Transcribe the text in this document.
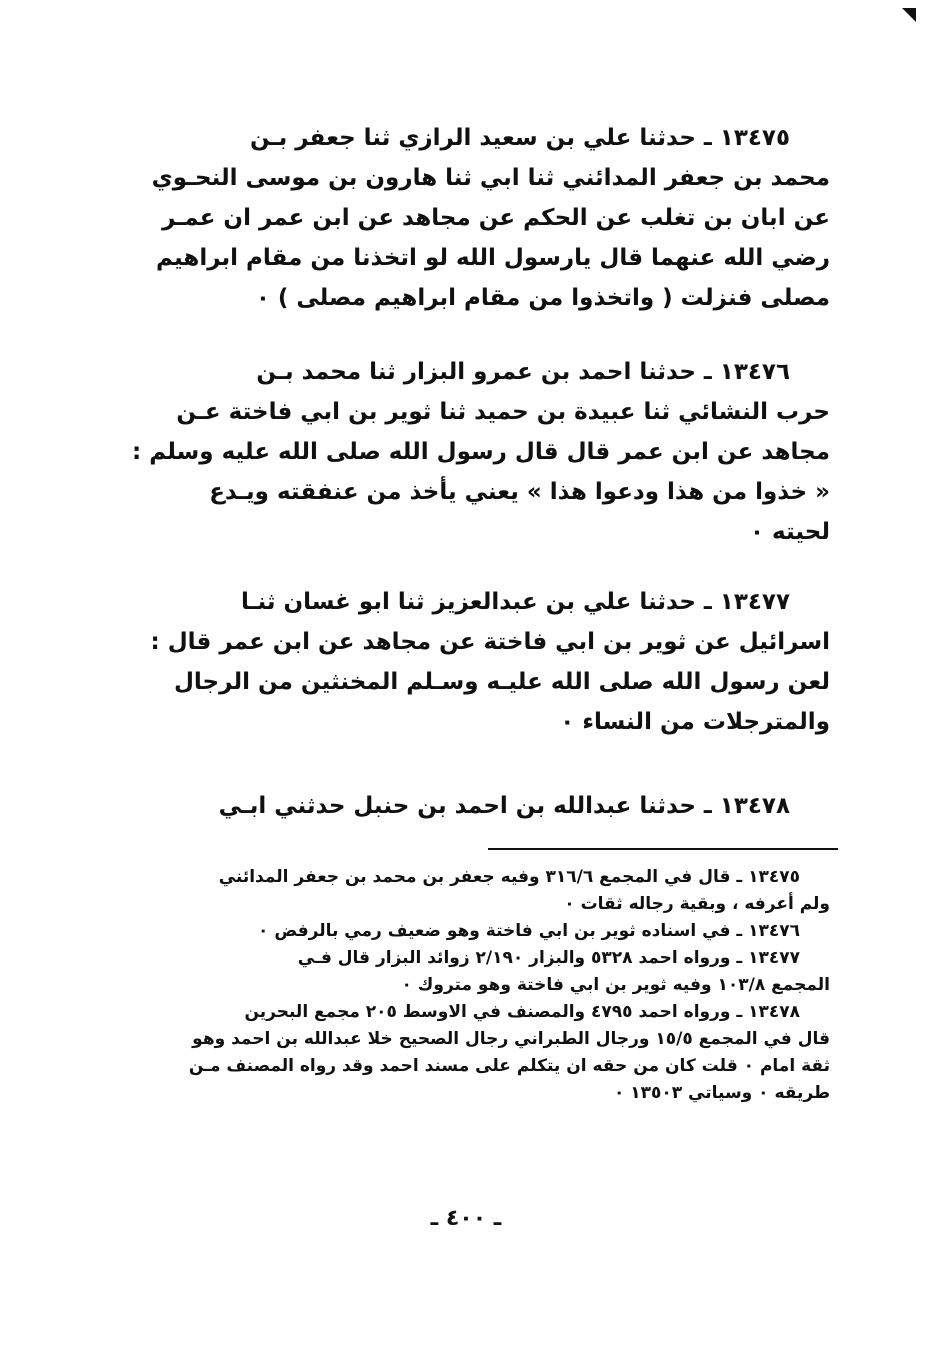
١٣٤٧٥ ـ حدثنا علي بن سعيد الرازي ثنا جعفر بـن
محمد بن جعفر المدائني ثنا ابي ثنا هارون بن موسى النحـوي
عن ابان بن تغلب عن الحكم عن مجاهد عن ابن عمر ان عمـر
رضي الله عنهما قال يارسول الله لو اتخذنا من مقام ابراهيم
مصلى فنزلت ( واتخذوا من مقام ابراهيم مصلى ) ٠
١٣٤٧٦ ـ حدثنا احمد بن عمرو البزار ثنا محمد بـن
حرب النشائي ثنا عبيدة بن حميد ثنا ثوير بن ابي فاختة عـن
مجاهد عن ابن عمر قال قال رسول الله صلى الله عليه وسلم :
« خذوا من هذا ودعوا هذا » يعني يأخذ من عنفقته ويـدع
لحيته ٠
١٣٤٧٧ ـ حدثنا علي بن عبدالعزيز ثنا ابو غسان ثنـا
اسرائيل عن ثوير بن ابي فاختة عن مجاهد عن ابن عمر قال :
لعن رسول الله صلى الله عليـه وسـلم المخنثين من الرجال
والمترجلات من النساء ٠
١٣٤٧٨ ـ حدثنا عبدالله بن احمد بن حنبل حدثني ابـي
١٣٤٧٥ ـ قال في المجمع ٣١٦/٦ وفيه جعفر بن محمد بن جعفر المدائني
ولم أعرفه ، وبقية رجاله ثقات ٠
١٣٤٧٦ ـ في اسناده ثوير بن ابي فاختة وهو ضعيف رمي بالرفض ٠
١٣٤٧٧ ـ ورواه احمد ٥٣٢٨ والبزار ٢/١٩٠ زوائد البزار قال فـي
المجمع ١٠٣/٨ وفيه ثوير بن ابي فاختة وهو متروك ٠
١٣٤٧٨ ـ ورواه احمد ٤٧٩٥ والمصنف في الاوسط ٢٠٥ مجمع البحرين
قال في المجمع ١٥/٥ ورجال الطبراني رجال الصحيح خلا عبدالله بن احمد وهو
ثقة امام ٠ قلت كان من حقه ان يتكلم على مسند احمد وقد رواه المصنف مـن
طريقه ٠ وسياتي ١٣٥٠٣ ٠
ـ ٤٠٠ ـ
